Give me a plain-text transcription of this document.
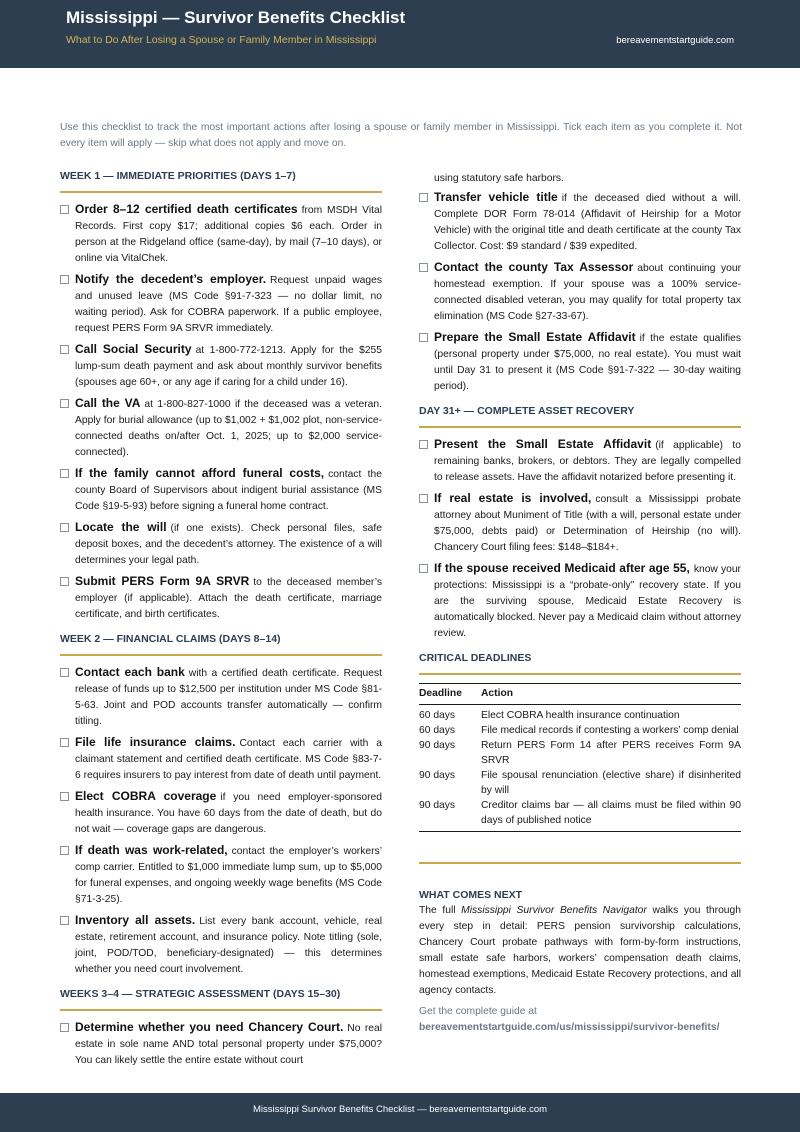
Mississippi — Survivor Benefits Checklist
What to Do After Losing a Spouse or Family Member in Mississippi	bereavementstartguide.com
Use this checklist to track the most important actions after losing a spouse or family member in Mississippi. Tick each item as you complete it. Not every item will apply — skip what does not apply and move on.
WEEK 1 — IMMEDIATE PRIORITIES (DAYS 1–7)
Order 8–12 certified death certificates from MSDH Vital Records. First copy $17; additional copies $6 each. Order in person at the Ridgeland office (same-day), by mail (7–10 days), or online via VitalChek.
Notify the decedent’s employer. Request unpaid wages and unused leave (MS Code §91-7-323 — no dollar limit, no waiting period). Ask for COBRA paperwork. If a public employee, request PERS Form 9A SRVR immediately.
Call Social Security at 1-800-772-1213. Apply for the $255 lump-sum death payment and ask about monthly survivor benefits (spouses age 60+, or any age if caring for a child under 16).
Call the VA at 1-800-827-1000 if the deceased was a veteran. Apply for burial allowance (up to $1,002 + $1,002 plot, non-service-connected deaths on/after Oct. 1, 2025; up to $2,000 service-connected).
If the family cannot afford funeral costs, contact the county Board of Supervisors about indigent burial assistance (MS Code §19-5-93) before signing a funeral home contract.
Locate the will (if one exists). Check personal files, safe deposit boxes, and the decedent’s attorney. The existence of a will determines your legal path.
Submit PERS Form 9A SRVR to the deceased member’s employer (if applicable). Attach the death certificate, marriage certificate, and birth certificates.
WEEK 2 — FINANCIAL CLAIMS (DAYS 8–14)
Contact each bank with a certified death certificate. Request release of funds up to $12,500 per institution under MS Code §81-5-63. Joint and POD accounts transfer automatically — confirm titling.
File life insurance claims. Contact each carrier with a claimant statement and certified death certificate. MS Code §83-7-6 requires insurers to pay interest from date of death until payment.
Elect COBRA coverage if you need employer-sponsored health insurance. You have 60 days from the date of death, but do not wait — coverage gaps are dangerous.
If death was work-related, contact the employer’s workers’ comp carrier. Entitled to $1,000 immediate lump sum, up to $5,000 for funeral expenses, and ongoing weekly wage benefits (MS Code §71-3-25).
Inventory all assets. List every bank account, vehicle, real estate, retirement account, and insurance policy. Note titling (sole, joint, POD/TOD, beneficiary-designated) — this determines whether you need court involvement.
WEEKS 3–4 — STRATEGIC ASSESSMENT (DAYS 15–30)
Determine whether you need Chancery Court. No real estate in sole name AND total personal property under $75,000? You can likely settle the entire estate without court
using statutory safe harbors.
Transfer vehicle title if the deceased died without a will. Complete DOR Form 78-014 (Affidavit of Heirship for a Motor Vehicle) with the original title and death certificate at the county Tax Collector. Cost: $9 standard / $39 expedited.
Contact the county Tax Assessor about continuing your homestead exemption. If your spouse was a 100% service-connected disabled veteran, you may qualify for total property tax elimination (MS Code §27-33-67).
Prepare the Small Estate Affidavit if the estate qualifies (personal property under $75,000, no real estate). You must wait until Day 31 to present it (MS Code §91-7-322 — 30-day waiting period).
DAY 31+ — COMPLETE ASSET RECOVERY
Present the Small Estate Affidavit (if applicable) to remaining banks, brokers, or debtors. They are legally compelled to release assets. Have the affidavit notarized before presenting it.
If real estate is involved, consult a Mississippi probate attorney about Muniment of Title (with a will, personal estate under $75,000, debts paid) or Determination of Heirship (no will). Chancery Court filing fees: $148–$184+.
If the spouse received Medicaid after age 55, know your protections: Mississippi is a “probate-only” recovery state. If you are the surviving spouse, Medicaid Estate Recovery is automatically blocked. Never pay a Medicaid claim without attorney review.
CRITICAL DEADLINES
Deadline	Action
60 days	Elect COBRA health insurance continuation
60 days	File medical records if contesting a workers’ comp denial
90 days	Return PERS Form 14 after PERS receives Form 9A SRVR
90 days	File spousal renunciation (elective share) if disinherited by will
90 days	Creditor claims bar — all claims must be filed within 90 days of published notice
WHAT COMES NEXT
The full Mississippi Survivor Benefits Navigator walks you through every step in detail: PERS pension survivorship calculations, Chancery Court probate pathways with form-by-form instructions, small estate safe harbors, workers’ compensation death claims, homestead exemptions, Medicaid Estate Recovery protections, and all agency contacts.
Get the complete guide at
bereavementstartguide.com/us/mississippi/survivor-benefits/
Mississippi Survivor Benefits Checklist — bereavementstartguide.com
